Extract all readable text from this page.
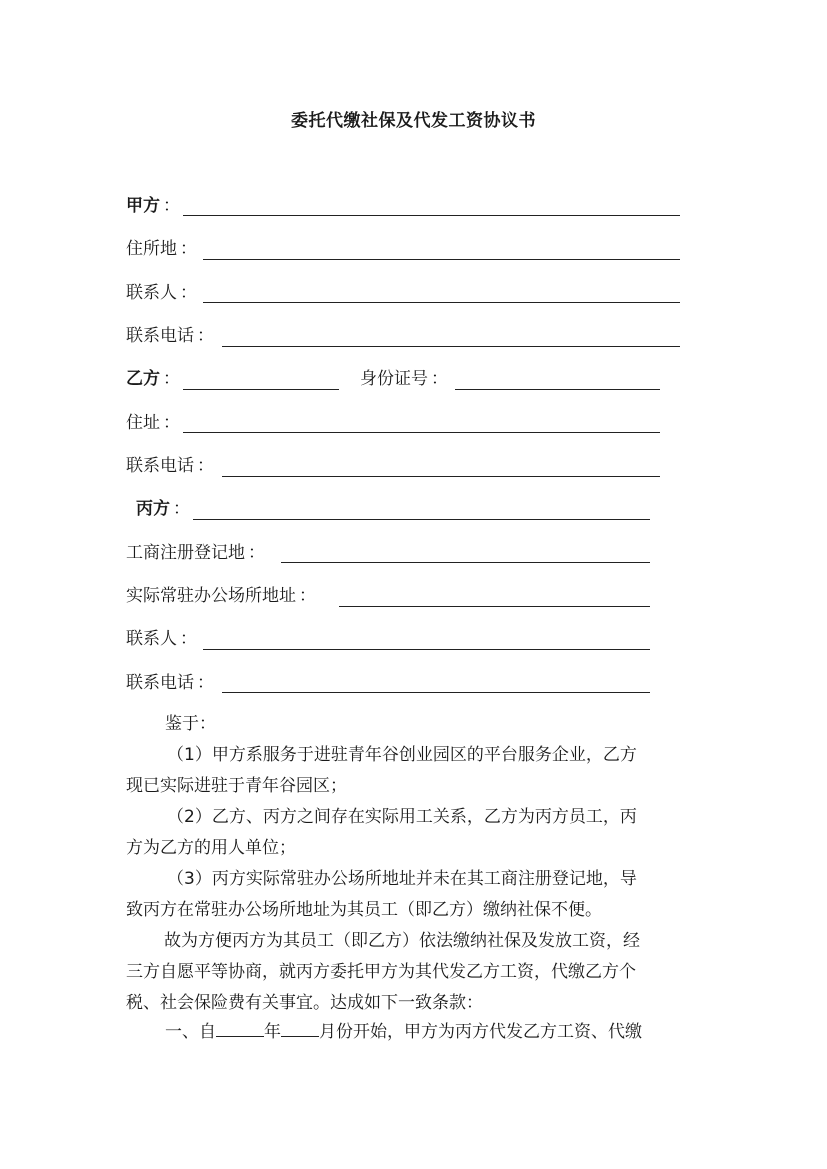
委托代缴社保及代发工资协议书
甲方 ：
住所地 ：
联系人 ：
联系电话 ：
乙方 ：	身份证号 ：
住址 ：
联系电话 ：
丙方 ：
工商注册登记地 ：
实际常驻办公场所地址 ：
联系人 ：
联系电话 ：
鉴于：
（1）甲方系服务于进驻青年谷创业园区的平台服务企业，乙方
现已实际进驻于青年谷园区；
（2）乙方、丙方之间存在实际用工关系，乙方为丙方员工，丙
方为乙方的用人单位；
（3）丙方实际常驻办公场所地址并未在其工商注册登记地，导
致丙方在常驻办公场所地址为其员工（即乙方）缴纳社保不便。
故为方便丙方为其员工（即乙方）依法缴纳社保及发放工资，经
三方自愿平等协商，就丙方委托甲方为其代发乙方工资，代缴乙方个
税、社会保险费有关事宜。达成如下一致条款：
一、自	年 月份开始，甲方为丙方代发乙方工资、代缴
